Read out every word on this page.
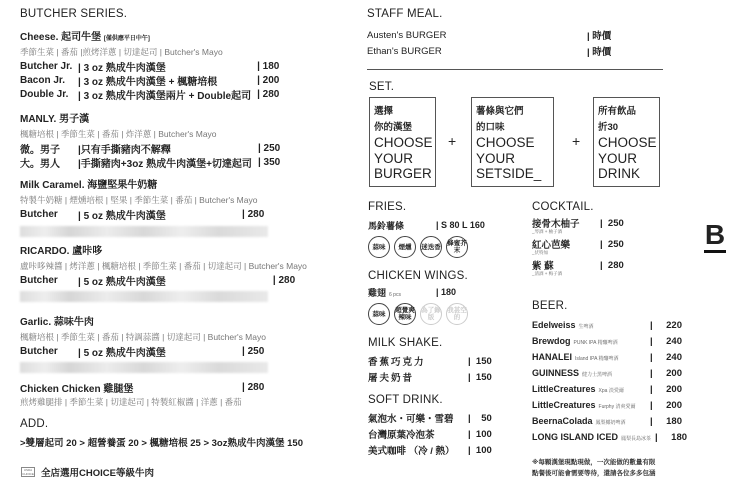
BUTCHER SERIES.
Cheese. 起司牛堡 [僅供應平日中午]
季節生菜 | 番茄 |煎烤洋蔥 | 切達起司 | Butcher's Mayo
Butcher Jr. | 3 oz 熟成牛肉漢堡	| 180
Bacon Jr.	| 3 oz 熟成牛肉漢堡 + 楓糖培根	| 200
Double Jr. | 3 oz 熟成牛肉漢堡兩片 + Double起司 | 280
MANLY. 男子漢
楓糖培根 | 季節生菜 | 番茄 | 炸洋蔥 | Butcher's Mayo
微。男子	|只有手撕豬肉不解釋	| 250
大。男人	|手撕豬肉+3oz 熟成牛肉漢堡+切達起司 | 350
Milk Caramel. 海鹽堅果牛奶糖
特製牛奶糖 | 煙燻培根 | 堅果 | 季節生菜 | 番茄 | Butcher's Mayo
Butcher	| 5 oz 熟成牛肉漢堡	| 280
RICARDO. 盧咔哆
盧咔哆辣醬 | 烤洋蔥 | 楓糖培根 | 季節生菜 | 番茄 | 切達起司 | Butcher's Mayo
Butcher	| 5 oz 熟成牛肉漢堡	| 280
Garlic. 蒜味牛肉
楓糖培根 | 季節生菜 | 番茄 | 特調蒜醬 | 切達起司 | Butcher's Mayo
Butcher	| 5 oz 熟成牛肉漢堡	| 250
Chicken Chicken 雞腿堡	| 280
煎烤雞腿排 | 季節生菜 | 切達起司 | 特製紅椒醬 | 洋蔥 | 番茄
ADD.
>雙層起司 20 > 超營養蛋 20 > 楓糖培根 25 > 3oz熟成牛肉漢堡 150
USDA CHOICE 全店選用CHOICE等級牛肉
STAFF MEAL.
Austen's BURGER	| 時價
Ethan's BURGER	| 時價
SET.
選擇
你的漢堡
CHOOSE
YOUR
BURGER
+
薯條與它們
的口味
CHOOSE
YOUR
SETSIDE_
+
所有飲品
折30
CHOOSE
YOUR
DRINK
FRIES.
馬鈴薯條	| S 80 L 160
蒜味	煙燻	迷迭香 蜂蜜芥末
CHICKEN WINGS.
雞翅 6 pcs	| 180
蒜味	超覺爽辣味
為了錄版
我甚空的
MILK SHAKE.
香蕉巧克力	|  150
屠夫奶昔	|  150
SOFT DRINK.
氣泡水・可樂・雪碧	|    50
台灣原葉冷泡茶	|  100
美式咖啡 （冷 / 熱）	|  100
COCKTAIL.
接骨木柚子	|  250
_琴酒 + 柚子酒
紅心芭樂	|  250
_伏特加
紫 蘇	|  280
_清酒 + 梅子酒
BEER.
Edelweiss 生啤酒	|	220
Brewdog PUNK IPA 精釀啤酒	|	240
HANALEI Island IPA 精釀啤酒	|	240
GUINNESS 健力士黑啤酒	|	200
LittleCreatures Xpa 淡愛爾	|	200
LittleCreatures Furphy 清爽愛爾	|	200
BeernaColada 鳳梨椰奶啤酒	|	180
LONG ISLAND ICED 鳳梨長島冰茶 |	180
※每顆漢堡現點現做，一次能做的數量有限
點餐後可能會需要等待，還請各位多多包涵
B
